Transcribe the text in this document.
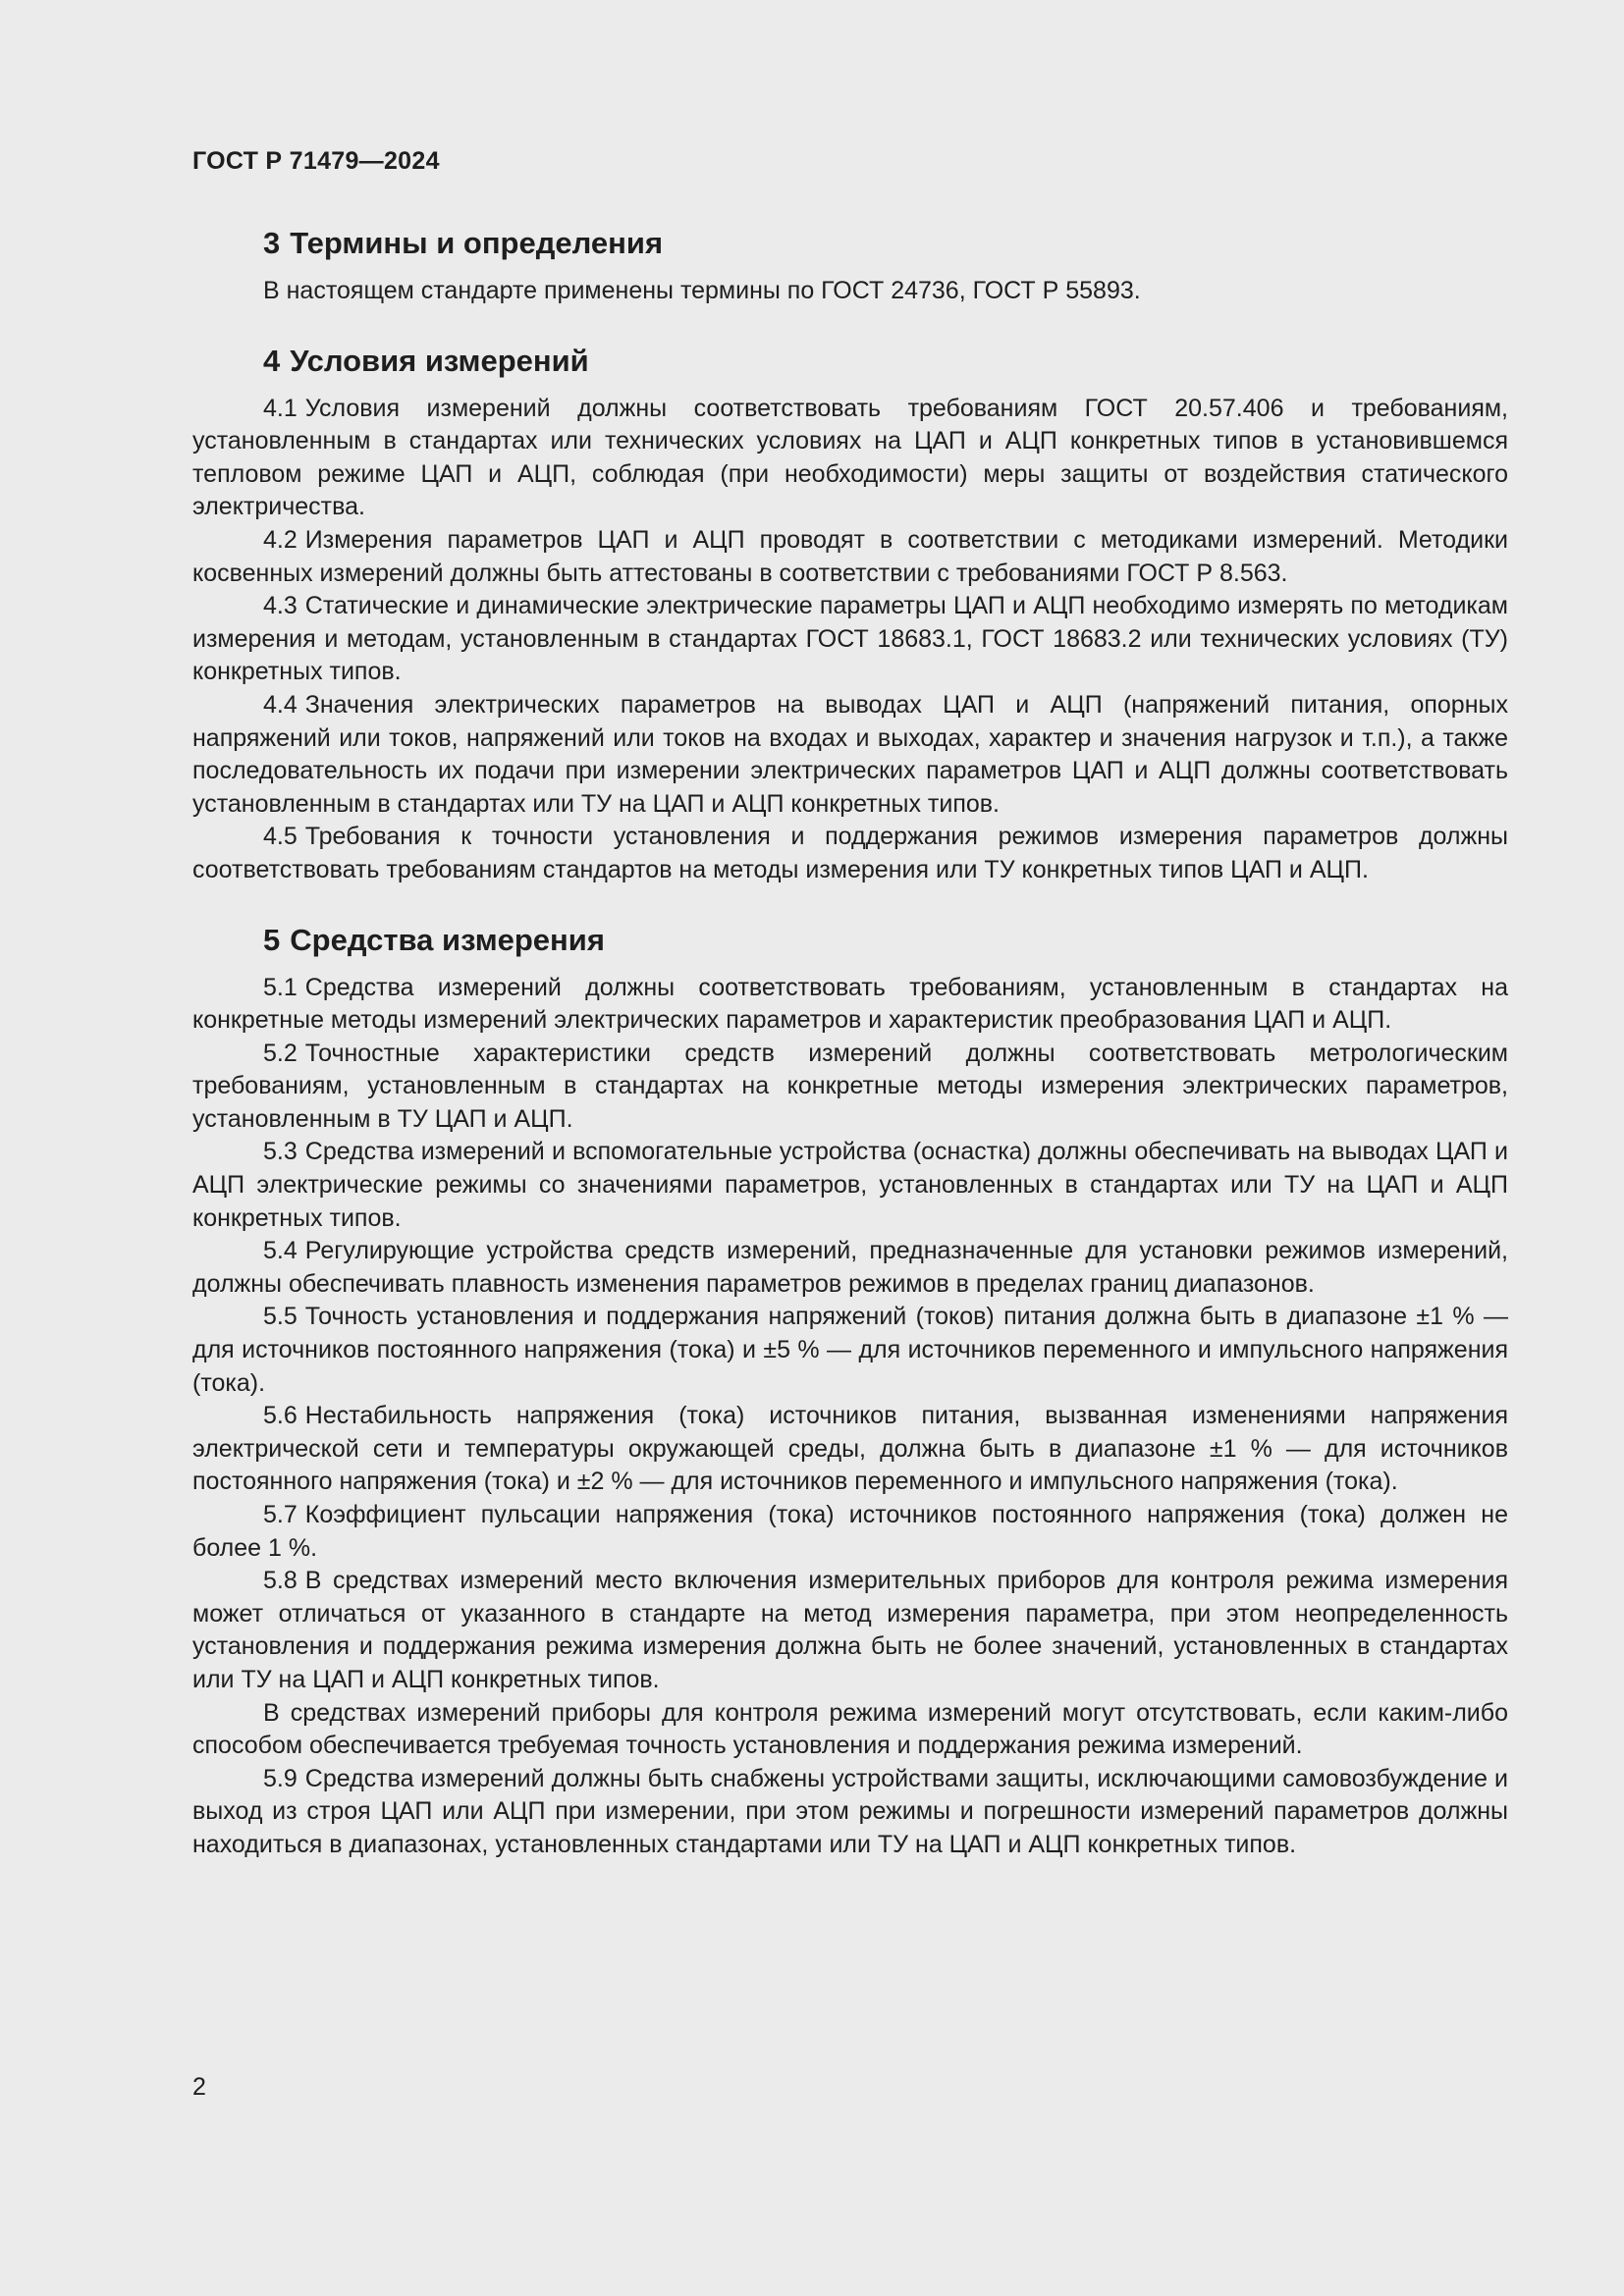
ГОСТ Р 71479—2024
3 Термины и определения

В настоящем стандарте применены термины по ГОСТ 24736, ГОСТ Р 55893.

4 Условия измерений

4.1 Условия измерений должны соответствовать требованиям ГОСТ 20.57.406 и требованиям, установленным в стандартах или технических условиях на ЦАП и АЦП конкретных типов в установившемся тепловом режиме ЦАП и АЦП, соблюдая (при необходимости) меры защиты от воздействия статического электричества.

4.2 Измерения параметров ЦАП и АЦП проводят в соответствии с методиками измерений. Методики косвенных измерений должны быть аттестованы в соответствии с требованиями ГОСТ Р 8.563.

4.3 Статические и динамические электрические параметры ЦАП и АЦП необходимо измерять по методикам измерения и методам, установленным в стандартах ГОСТ 18683.1, ГОСТ 18683.2 или технических условиях (ТУ) конкретных типов.

4.4 Значения электрических параметров на выводах ЦАП и АЦП (напряжений питания, опорных напряжений или токов, напряжений или токов на входах и выходах, характер и значения нагрузок и т.п.), а также последовательность их подачи при измерении электрических параметров ЦАП и АЦП должны соответствовать установленным в стандартах или ТУ на ЦАП и АЦП конкретных типов.

4.5 Требования к точности установления и поддержания режимов измерения параметров должны соответствовать требованиям стандартов на методы измерения или ТУ конкретных типов ЦАП и АЦП.

5 Средства измерения

5.1 Средства измерений должны соответствовать требованиям, установленным в стандартах на конкретные методы измерений электрических параметров и характеристик преобразования ЦАП и АЦП.

5.2 Точностные характеристики средств измерений должны соответствовать метрологическим требованиям, установленным в стандартах на конкретные методы измерения электрических параметров, установленным в ТУ ЦАП и АЦП.

5.3 Средства измерений и вспомогательные устройства (оснастка) должны обеспечивать на выводах ЦАП и АЦП электрические режимы со значениями параметров, установленных в стандартах или ТУ на ЦАП и АЦП конкретных типов.

5.4 Регулирующие устройства средств измерений, предназначенные для установки режимов измерений, должны обеспечивать плавность изменения параметров режимов в пределах границ диапазонов.

5.5 Точность установления и поддержания напряжений (токов) питания должна быть в диапазоне ±1 % — для источников постоянного напряжения (тока) и ±5 % — для источников переменного и импульсного напряжения (тока).

5.6 Нестабильность напряжения (тока) источников питания, вызванная изменениями напряжения электрической сети и температуры окружающей среды, должна быть в диапазоне ±1 % — для источников постоянного напряжения (тока) и ±2 % — для источников переменного и импульсного напряжения (тока).

5.7 Коэффициент пульсации напряжения (тока) источников постоянного напряжения (тока) должен не более 1 %.

5.8 В средствах измерений место включения измерительных приборов для контроля режима измерения может отличаться от указанного в стандарте на метод измерения параметра, при этом неопределенность установления и поддержания режима измерения должна быть не более значений, установленных в стандартах или ТУ на ЦАП и АЦП конкретных типов.

В средствах измерений приборы для контроля режима измерений могут отсутствовать, если каким-либо способом обеспечивается требуемая точность установления и поддержания режима измерений.

5.9 Средства измерений должны быть снабжены устройствами защиты, исключающими самовозбуждение и выход из строя ЦАП или АЦП при измерении, при этом режимы и погрешности измерений параметров должны находиться в диапазонах, установленных стандартами или ТУ на ЦАП и АЦП конкретных типов.

2
